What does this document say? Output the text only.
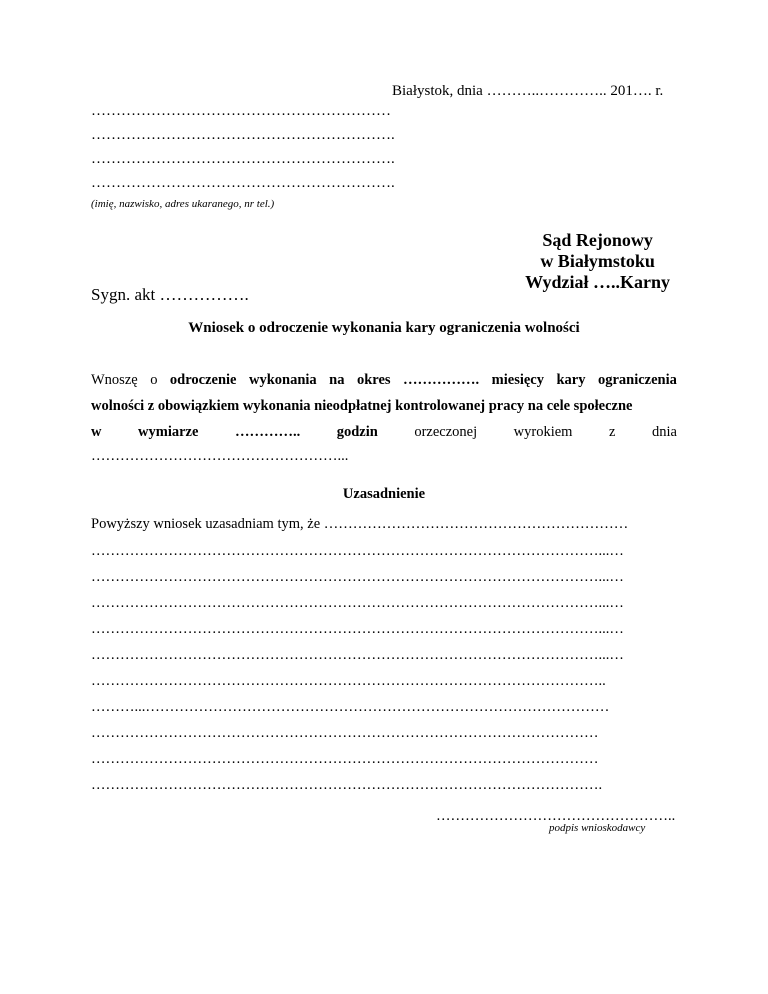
Białystok, dnia ………..………….. 201…. r.
……………………………………………………
…………………………………………………….
…………………………………………………….
…………………………………………………….
(imię, nazwisko, adres ukaranego, nr tel.)
Sąd Rejonowy
w Białymstoku
Wydział …..Karny
Sygn. akt …………….
Wniosek o odroczenie wykonania kary ograniczenia wolności
Wnoszę o odroczenie wykonania na okres ……………. miesięcy kary ograniczenia
wolności z obowiązkiem wykonania nieodpłatnej kontrolowanej pracy na cele społeczne
w	wymiarze	…………..	godzin	orzeczonej	wyrokiem	z	dnia
……………………………………………...
Uzasadnienie
Powyższy wniosek uzasadniam tym, że ………………………………………………………
……………………………………………………………………………………………...…
……………………………………………………………………………………………...…
……………………………………………………………………………………………...…
……………………………………………………………………………………………...…
……………………………………………………………………………………………...…
……………………………………………………………………………………………..
………...……………………………………………………………………………………
……………………………………………………………………………………………
……………………………………………………………………………………………
…………………………………………………………………………………………….
…………………………………………..
podpis wnioskodawcy
